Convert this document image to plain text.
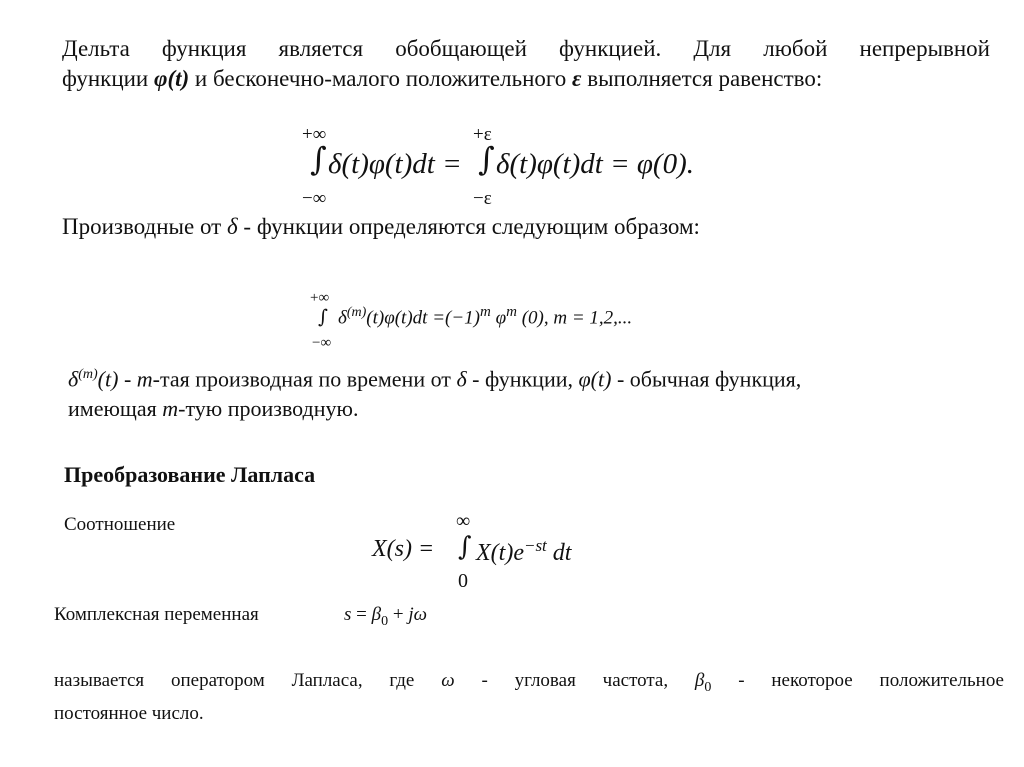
Дельта функция является обобщающей функцией. Для любой непрерывной
функции φ(t) и бесконечно-малого положительного ε выполняется равенство:
+∞
−∞
∫ δ(t)φ(t)dt =
+ε
−ε
∫ δ(t)φ(t)dt = φ(0).
Производные от δ - функции определяются следующим образом:
+∞
−∞
∫ $\delta^{(m)}(t)\varphi(t)dt =(-1)^m$ $\varphi^m$ (0), m = 1,2,...
$\delta^{(m)}(t) - m-тая$ производная по времени от δ - функции, φ(t) - обычная функция,
имеющая m-тую производную.
Преобразование Лапласа
Соотношение
X(s) =
∞
0
∫ $X(t)e^{-st}$ dt
Комплексная переменная	$s = \beta_0 + j\omega$
называется оператором Лапласа, где ω - угловая частота, $\beta_0$ - некоторое положительное
постоянное число.
